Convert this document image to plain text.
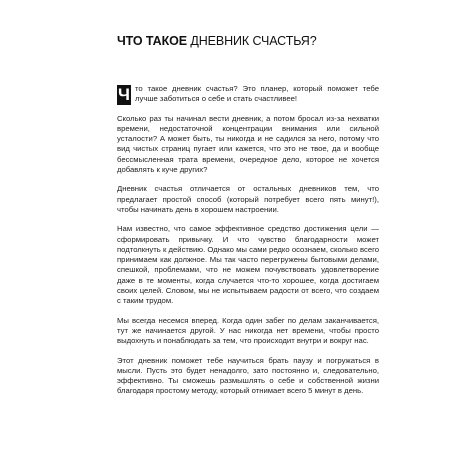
ЧТО ТАКОЕ ДНЕВНИК СЧАСТЬЯ?

Ч то такое дневник счастья? Это планер, который поможет тебе лучше заботиться о себе и стать счастливее!

Сколько раз ты начинал вести дневник, а потом бросал из-за нехватки времени, недостаточной концентрации внимания или сильной усталости? А может быть, ты никогда и не садился за него, потому что вид чистых страниц пугает или кажется, что это не твое, да и вообще бессмысленная трата времени, очередное дело, которое не хочется добавлять к куче других?

Дневник счастья отличается от остальных дневников тем, что предлагает простой способ (который потребует всего пять минут!), чтобы начинать день в хорошем настроении.

Нам известно, что самое эффективное средство достижения цели — сформировать привычку. И что чувство благодарности может подтолкнуть к действию. Однако мы сами редко осознаем, сколько всего принимаем как должное. Мы так часто перегружены бытовыми делами, спешкой, проблемами, что не можем почувствовать удовлетворение даже в те моменты, когда случается что-то хорошее, когда достигаем своих целей. Словом, мы не испытываем радости от всего, что создаем с таким трудом.

Мы всегда несемся вперед. Когда один забег по делам заканчивается, тут же начинается другой. У нас никогда нет времени, чтобы просто выдохнуть и понаблюдать за тем, что происходит внутри и вокруг нас.

Этот дневник поможет тебе научиться брать паузу и погружаться в мысли. Пусть это будет ненадолго, зато постоянно и, следовательно, эффективно. Ты сможешь размышлять о себе и собственной жизни благодаря простому методу, который отнимает всего 5 минут в день.
